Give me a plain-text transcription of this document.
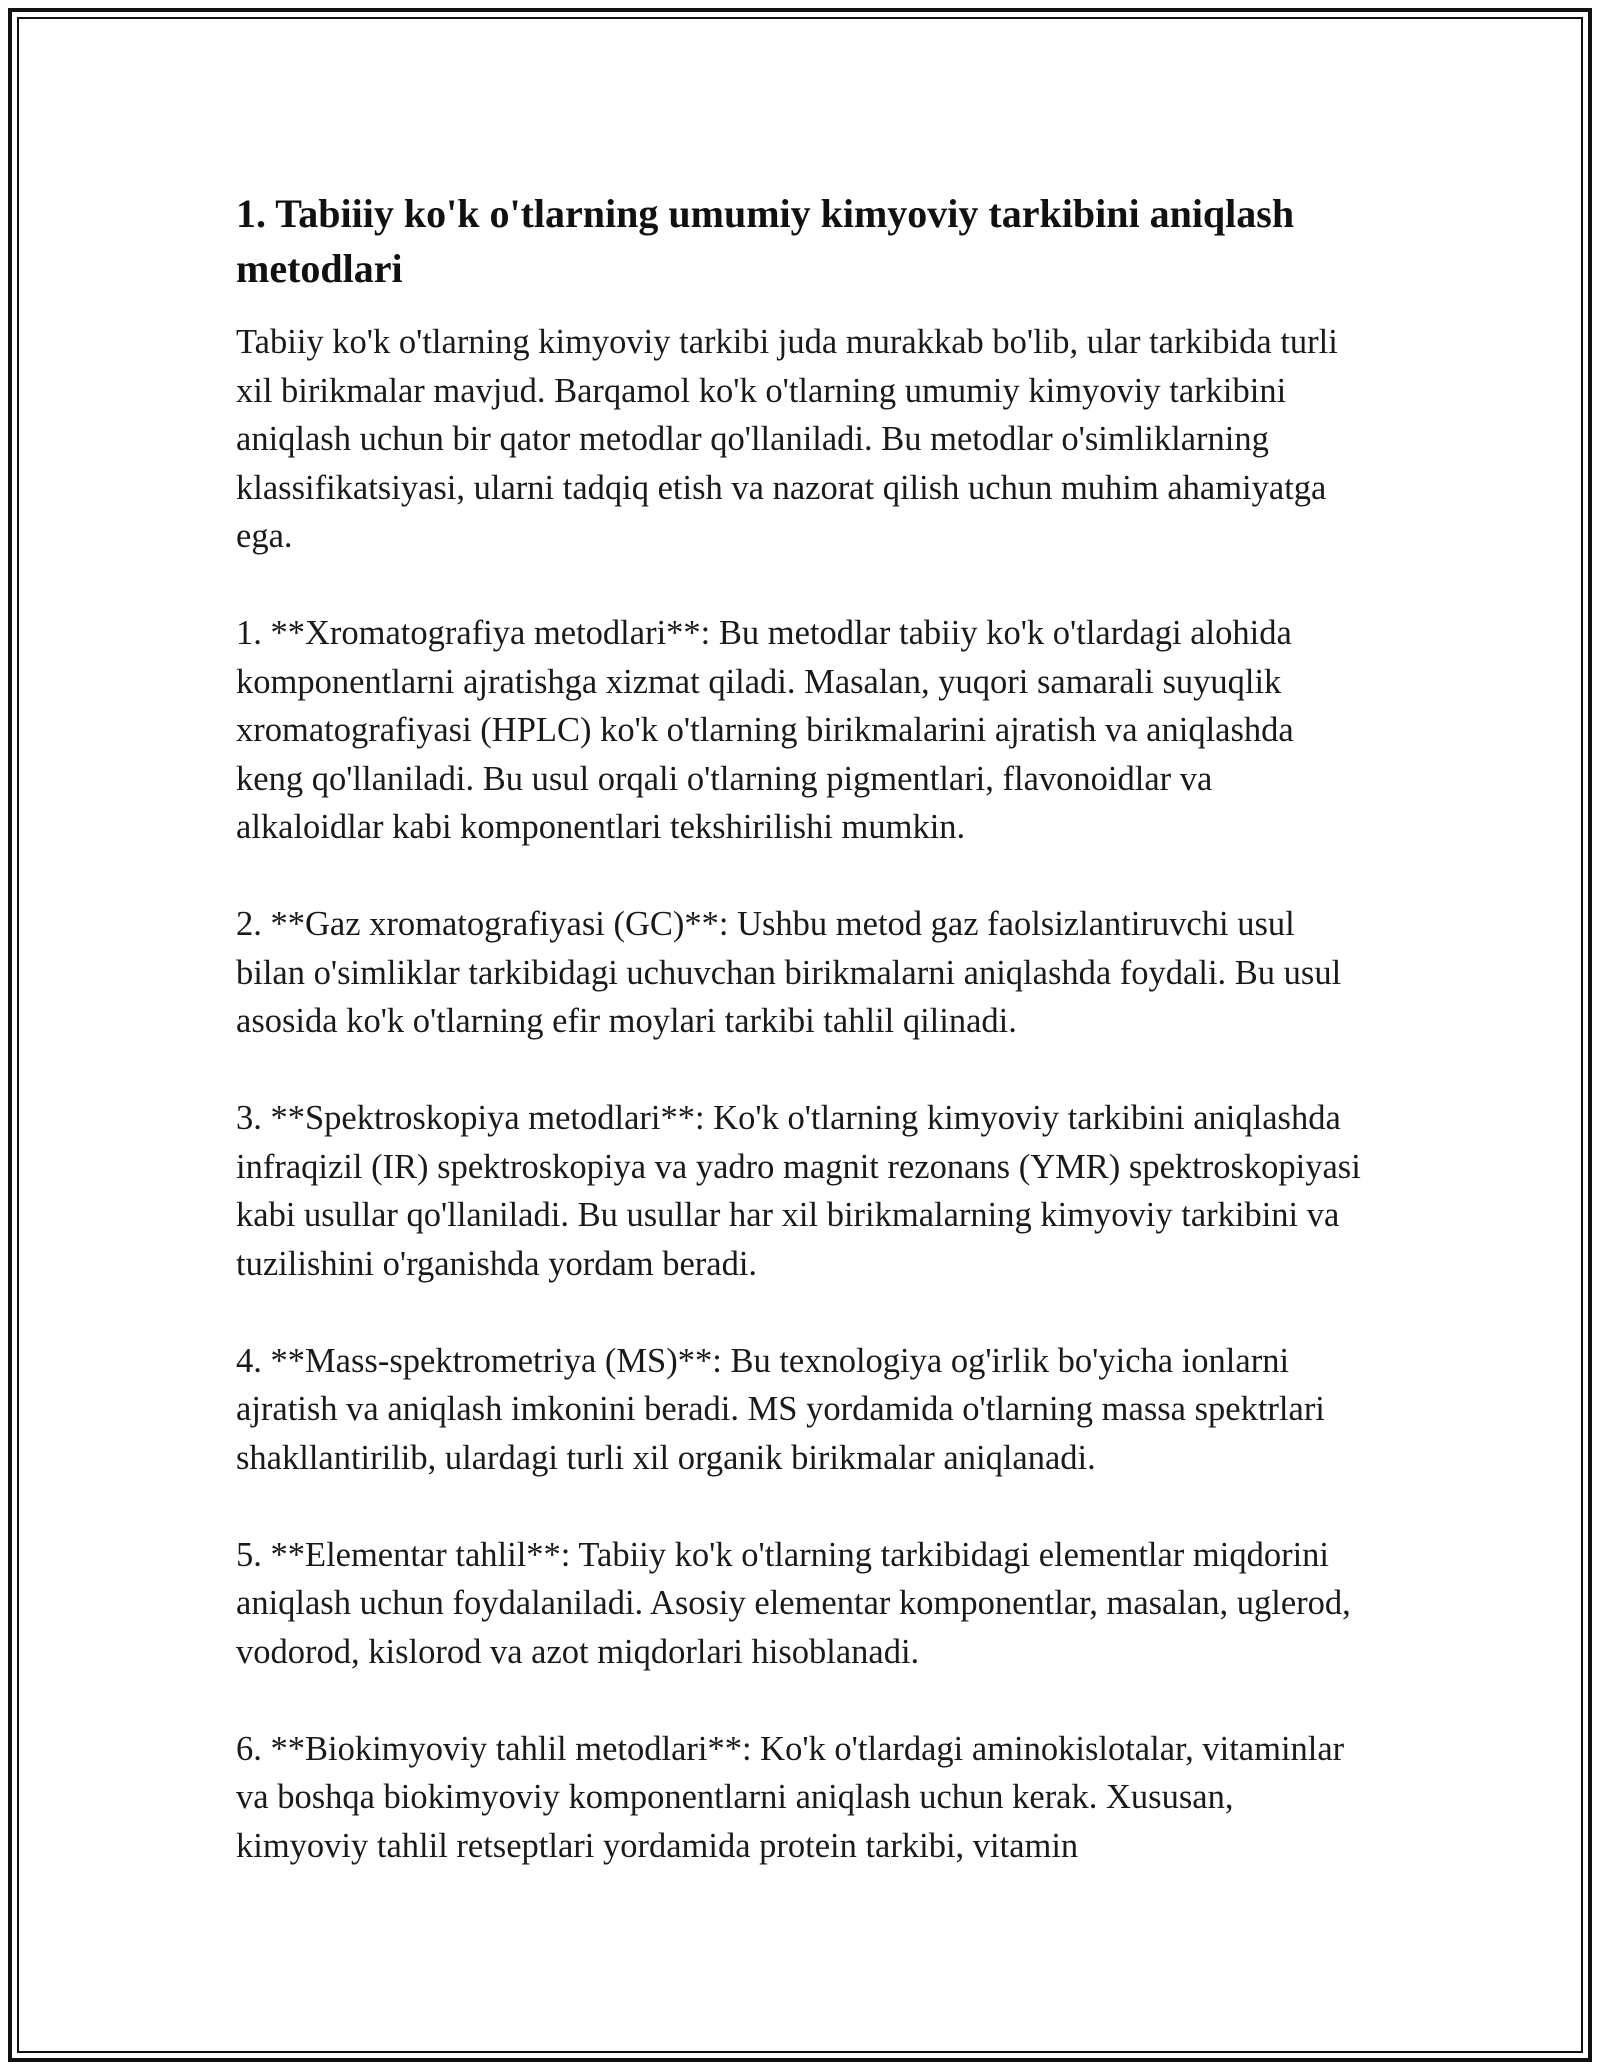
1. Tabiiiy ko'k o'tlarning umumiy kimyoviy tarkibini aniqlash metodlari

Tabiiy ko'k o'tlarning kimyoviy tarkibi juda murakkab bo'lib, ular tarkibida turli xil birikmalar mavjud. Barqamol ko'k o'tlarning umumiy kimyoviy tarkibini aniqlash uchun bir qator metodlar qo'llaniladi. Bu metodlar o'simliklarning klassifikatsiyasi, ularni tadqiq etish va nazorat qilish uchun muhim ahamiyatga ega.

1. **Xromatografiya metodlari**: Bu metodlar tabiiy ko'k o'tlardagi alohida komponentlarni ajratishga xizmat qiladi. Masalan, yuqori samarali suyuqlik xromatografiyasi (HPLC) ko'k o'tlarning birikmalarini ajratish va aniqlashda keng qo'llaniladi. Bu usul orqali o'tlarning pigmentlari, flavonoidlar va alkaloidlar kabi komponentlari tekshirilishi mumkin.

2. **Gaz xromatografiyasi (GC)**: Ushbu metod gaz faolsizlantiruvchi usul bilan o'simliklar tarkibidagi uchuvchan birikmalarni aniqlashda foydali. Bu usul asosida ko'k o'tlarning efir moylari tarkibi tahlil qilinadi.

3. **Spektroskopiya metodlari**: Ko'k o'tlarning kimyoviy tarkibini aniqlashda infraqizil (IR) spektroskopiya va yadro magnit rezonans (YMR) spektroskopiyasi kabi usullar qo'llaniladi. Bu usullar har xil birikmalarning kimyoviy tarkibini va tuzilishini o'rganishda yordam beradi.

4. **Mass-spektrometriya (MS)**: Bu texnologiya og'irlik bo'yicha ionlarni ajratish va aniqlash imkonini beradi. MS yordamida o'tlarning massa spektrlari shakllantirilib, ulardagi turli xil organik birikmalar aniqlanadi.

5. **Elementar tahlil**: Tabiiy ko'k o'tlarning tarkibidagi elementlar miqdorini aniqlash uchun foydalaniladi. Asosiy elementar komponentlar, masalan, uglerod, vodorod, kislorod va azot miqdorlari hisoblanadi.

6. **Biokimyoviy tahlil metodlari**: Ko'k o'tlardagi aminokislotalar, vitaminlar va boshqa biokimyoviy komponentlarni aniqlash uchun kerak. Xususan, kimyoviy tahlil retseptlari yordamida protein tarkibi, vitamin
